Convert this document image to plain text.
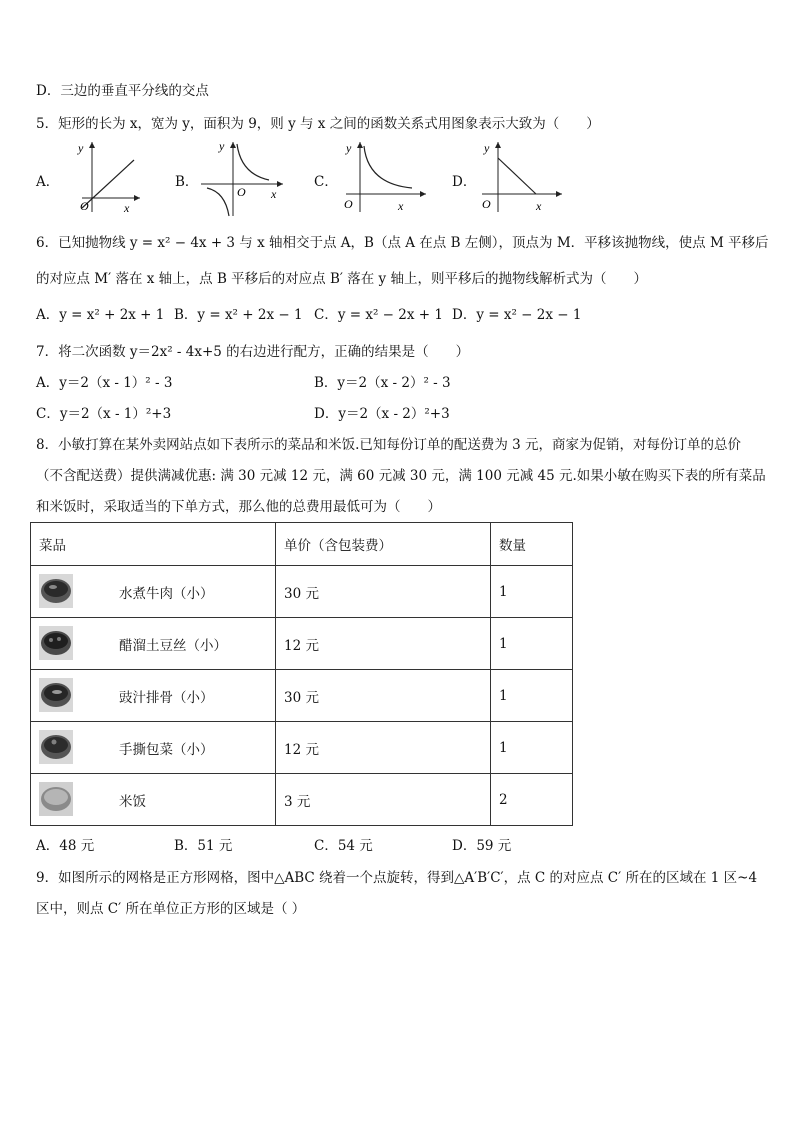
D．三边的垂直平分线的交点
5．矩形的长为 x，宽为 y，面积为 9，则 y 与 x 之间的函数关系式用图象表示大致为（　　）
A．
O	x
y
B．
O x
y
C．
O	x
y
D．
O	x
y
6．已知抛物线 y = x² − 4x + 3 与 x 轴相交于点 A，B（点 A 在点 B 左侧），顶点为 M．平移该抛物线，使点 M 平移后
的对应点 M′ 落在 x 轴上，点 B 平移后的对应点 B′ 落在 y 轴上，则平移后的抛物线解析式为（　　）
A．y = x² + 2x + 1 B．y = x² + 2x − 1 C．y = x² − 2x + 1 D．y = x² − 2x − 1
7．将二次函数 y＝2x² - 4x+5 的右边进行配方，正确的结果是（　　）
A．y＝2（x - 1）² - 3	B．y＝2（x - 2）² - 3
C．y＝2（x - 1）²+3	D．y＝2（x - 2）²+3
8．小敏打算在某外卖网站点如下表所示的菜品和米饭.已知每份订单的配送费为 3 元，商家为促销，对每份订单的总价
（不含配送费）提供满减优惠: 满 30 元减 12 元，满 60 元减 30 元，满 100 元减 45 元.如果小敏在购买下表的所有菜品
和米饭时，采取适当的下单方式，那么他的总费用最低可为（　　）
菜品	单价（含包装费）	数量

水煮牛肉（小）	30 元	1

醋溜土豆丝（小）	12 元	1

豉汁排骨（小）	30 元	1

手撕包菜（小）	12 元	1

米饭	3 元	2
A．48 元	B．51 元	C．54 元	D．59 元
9．如图所示的网格是正方形网格，图中△ABC 绕着一个点旋转，得到△A′B′C′，点 C 的对应点 C′ 所在的区域在 1 区~4
区中，则点 C′ 所在单位正方形的区域是（ ）
